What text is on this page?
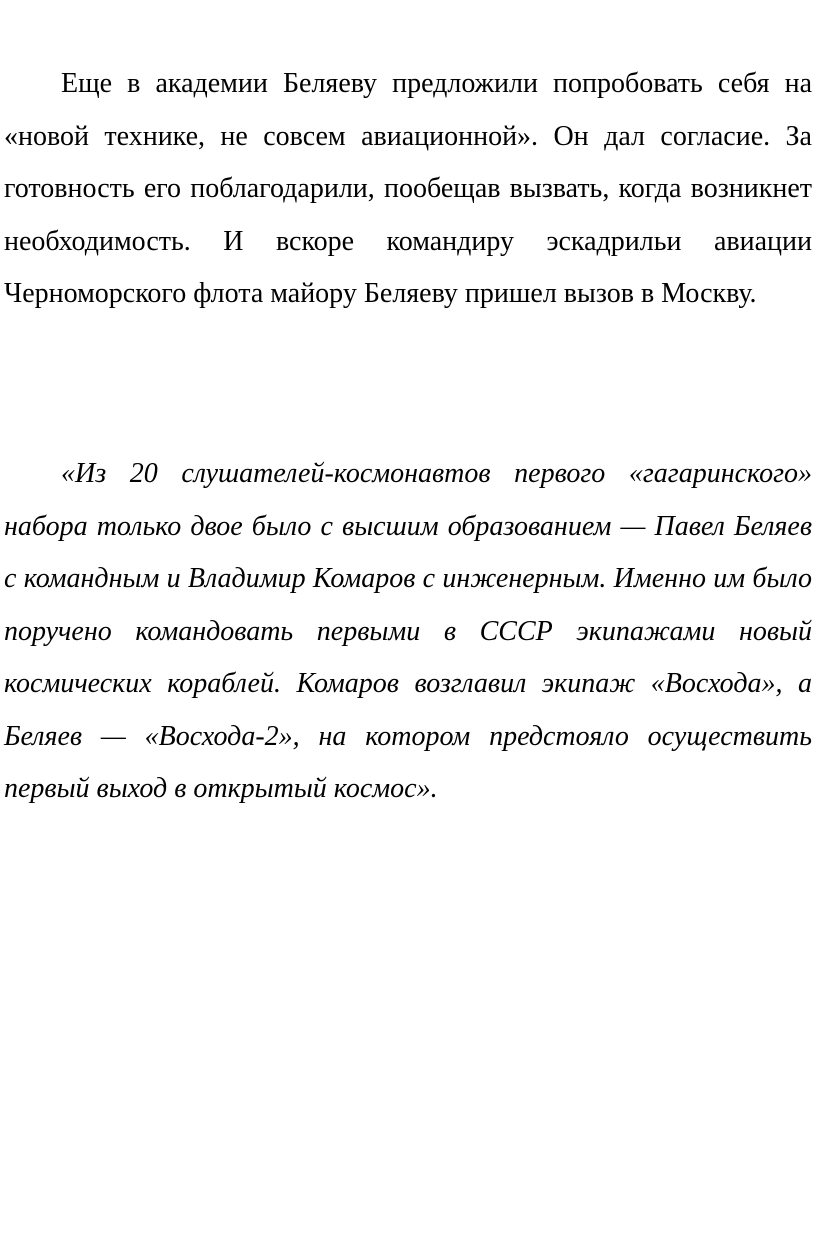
Еще в академии Беляеву предложили попробовать себя на «новой технике, не совсем авиационной». Он дал согласие. За готовность его поблагодарили, пообещав вызвать, когда возникнет необходимость. И вскоре командиру эскадрильи авиации Черноморского флота майору Беляеву пришел вызов в Москву.

«Из 20 слушателей-космонавтов первого «гагаринского» набора только двое было с высшим образованием — Павел Беляев с командным и Владимир Комаров с инженерным. Именно им было поручено командовать первыми в СССР экипажами новый космических кораблей. Комаров возглавил экипаж «Восхода», а Беляев — «Восхода-2», на котором предстояло осуществить первый выход в открытый космос».
